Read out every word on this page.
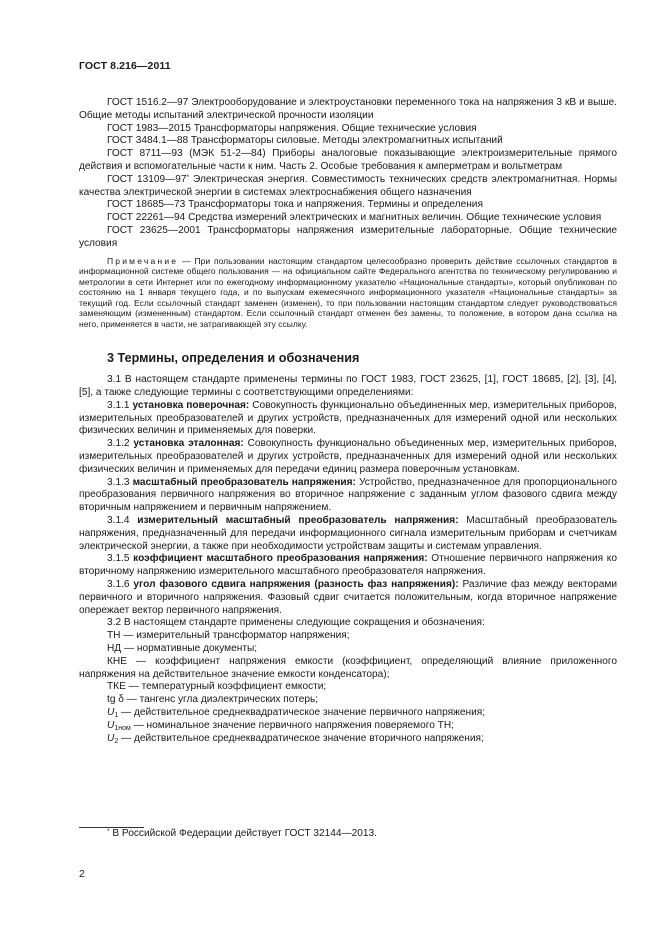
ГОСТ 8.216—2011

ГОСТ 1516.2—97 Электрооборудование и электроустановки переменного тока на напряжения 3 кВ и выше. Общие методы испытаний электрической прочности изоляции

ГОСТ 1983—2015 Трансформаторы напряжения. Общие технические условия

ГОСТ 3484.1—88 Трансформаторы силовые. Методы электромагнитных испытаний

ГОСТ 8711—93 (МЭК 51-2—84) Приборы аналоговые показывающие электроизмерительные прямого действия и вспомогательные части к ним. Часть 2. Особые требования к амперметрам и вольтметрам

ГОСТ 13109—97* Электрическая энергия. Совместимость технических средств электромагнитная. Нормы качества электрической энергии в системах электроснабжения общего назначения

ГОСТ 18685—73 Трансформаторы тока и напряжения. Термины и определения

ГОСТ 22261—94 Средства измерений электрических и магнитных величин. Общие технические условия

ГОСТ 23625—2001 Трансформаторы напряжения измерительные лабораторные. Общие технические условия

Примечание — При пользовании настоящим стандартом целесообразно проверить действие ссылочных стандартов в информационной системе общего пользования — на официальном сайте Федерального агентства по техническому регулированию и метрологии в сети Интернет или по ежегодному информационному указателю «Национальные стандарты», который опубликован по состоянию на 1 января текущего года, и по выпускам ежемесячного информационного указателя «Национальные стандарты» за текущий год. Если ссылочный стандарт заменен (изменен), то при пользовании настоящим стандартом следует руководствоваться заменяющим (измененным) стандартом. Если ссылочный стандарт отменен без замены, то положение, в котором дана ссылка на него, применяется в части, не затрагивающей эту ссылку.

3 Термины, определения и обозначения

3.1 В настоящем стандарте применены термины по ГОСТ 1983, ГОСТ 23625, [1], ГОСТ 18685, [2], [3], [4], [5], а также следующие термины с соответствующими определениями:

3.1.1 установка поверочная: Совокупность функционально объединенных мер, измерительных приборов, измерительных преобразователей и других устройств, предназначенных для измерений одной или нескольких физических величин и применяемых для поверки.

3.1.2 установка эталонная: Совокупность функционально объединенных мер, измерительных приборов, измерительных преобразователей и других устройств, предназначенных для измерений одной или нескольких физических величин и применяемых для передачи единиц размера поверочным установкам.

3.1.3 масштабный преобразователь напряжения: Устройство, предназначенное для пропорционального преобразования первичного напряжения во вторичное напряжение с заданным углом фазового сдвига между вторичным напряжением и первичным напряжением.

3.1.4 измерительный масштабный преобразователь напряжения: Масштабный преобразователь напряжения, предназначенный для передачи информационного сигнала измерительным приборам и счетчикам электрической энергии, а также при необходимости устройствам защиты и системам управления.

3.1.5 коэффициент масштабного преобразования напряжения: Отношение первичного напряжения ко вторичному напряжению измерительного масштабного преобразователя напряжения.

3.1.6 угол фазового сдвига напряжения (разность фаз напряжения): Различие фаз между векторами первичного и вторичного напряжения. Фазовый сдвиг считается положительным, когда вторичное напряжение опережает вектор первичного напряжения.

3.2 В настоящем стандарте применены следующие сокращения и обозначения:

ТН — измерительный трансформатор напряжения;

НД — нормативные документы;

КНЕ — коэффициент напряжения емкости (коэффициент, определяющий влияние приложенного напряжения на действительное значение емкости конденсатора);

ТКЕ — температурный коэффициент емкости;

tg δ — тангенс угла диэлектрических потерь;

$U_1$ — действительное среднеквадратическое значение первичного напряжения;

$U_{1ном}$ — номинальное значение первичного напряжения поверяемого ТН;

$U_2$ — действительное среднеквадратическое значение вторичного напряжения;

* В Российской Федерации действует ГОСТ 32144—2013.
2
